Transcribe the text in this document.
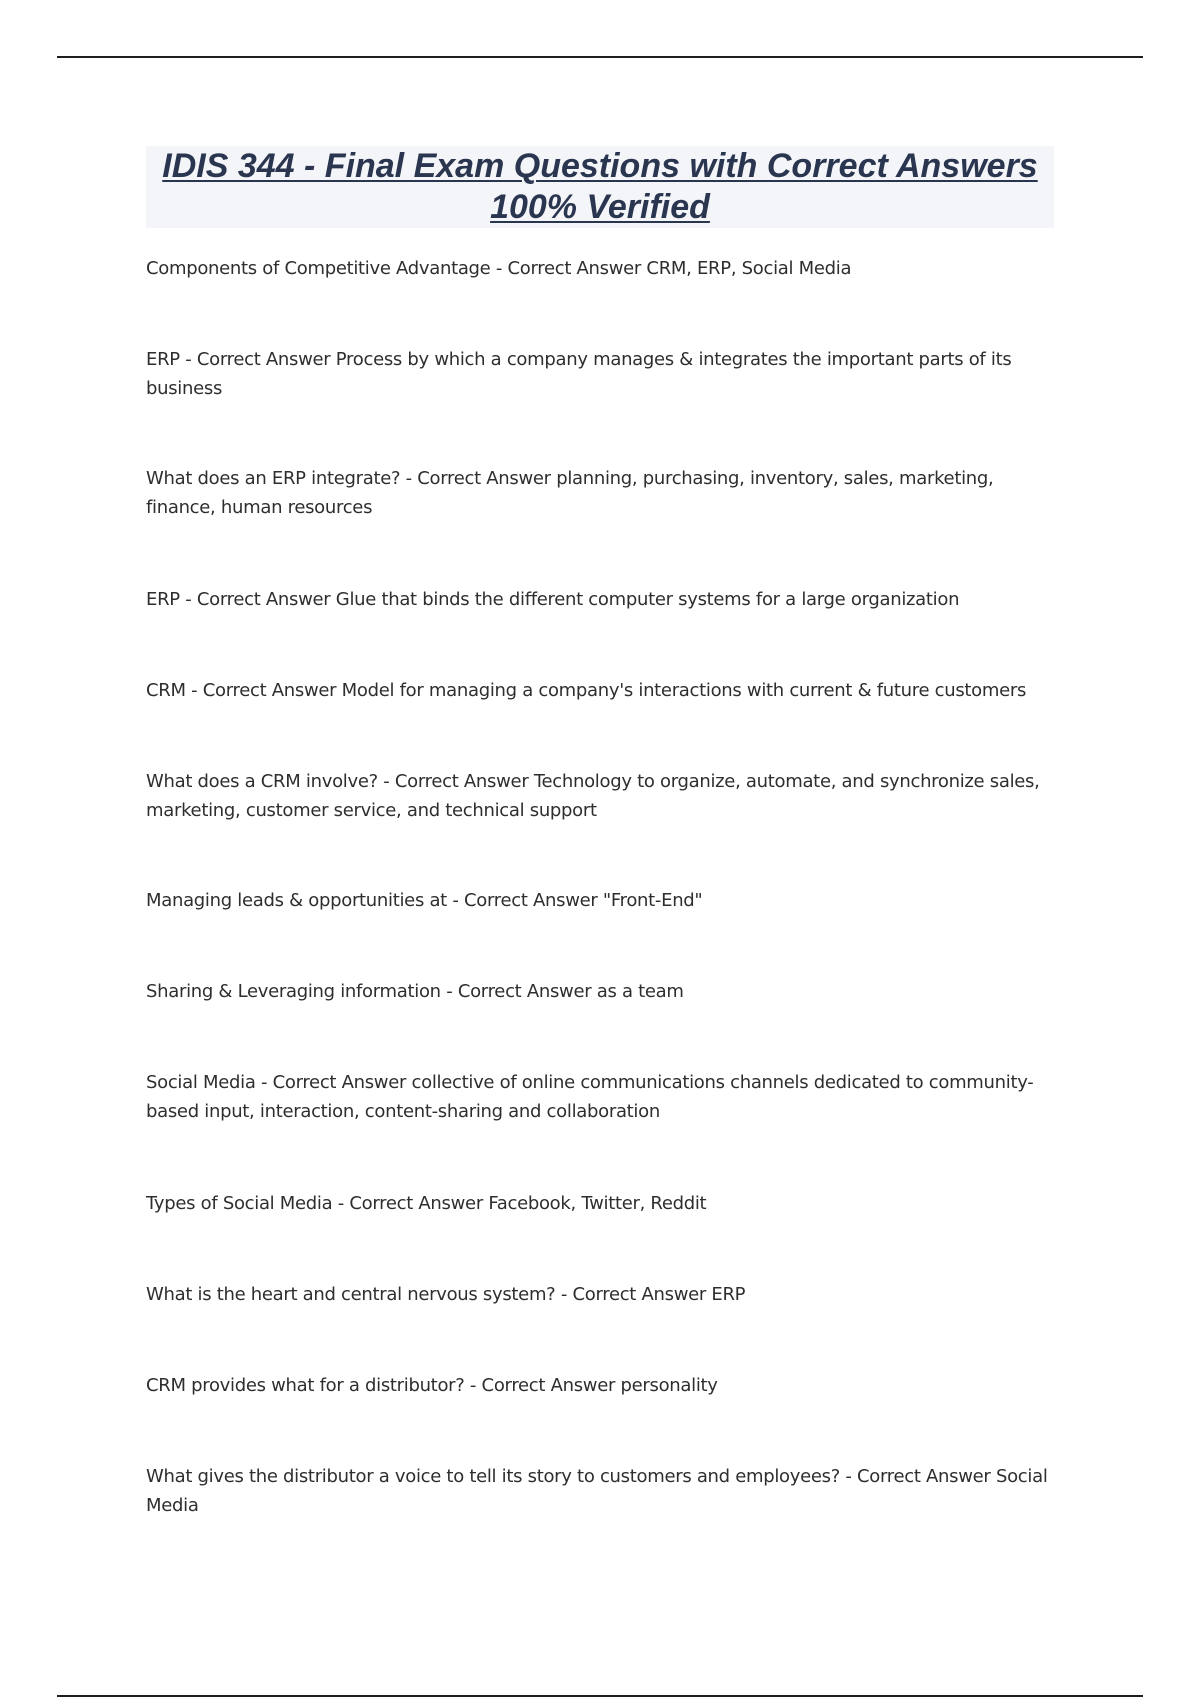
IDIS 344 - Final Exam Questions with Correct Answers 100% Verified
Components of Competitive Advantage - Correct Answer CRM, ERP, Social Media
ERP - Correct Answer Process by which a company manages & integrates the important parts of its business
What does an ERP integrate? - Correct Answer planning, purchasing, inventory, sales, marketing, finance, human resources
ERP - Correct Answer Glue that binds the different computer systems for a large organization
CRM - Correct Answer Model for managing a company's interactions with current & future customers
What does a CRM involve? - Correct Answer Technology to organize, automate, and synchronize sales, marketing, customer service, and technical support
Managing leads & opportunities at - Correct Answer "Front-End"
Sharing & Leveraging information - Correct Answer as a team
Social Media - Correct Answer collective of online communications channels dedicated to community-based input, interaction, content-sharing and collaboration
Types of Social Media - Correct Answer Facebook, Twitter, Reddit
What is the heart and central nervous system? - Correct Answer ERP
CRM provides what for a distributor? - Correct Answer personality
What gives the distributor a voice to tell its story to customers and employees? - Correct Answer Social Media
